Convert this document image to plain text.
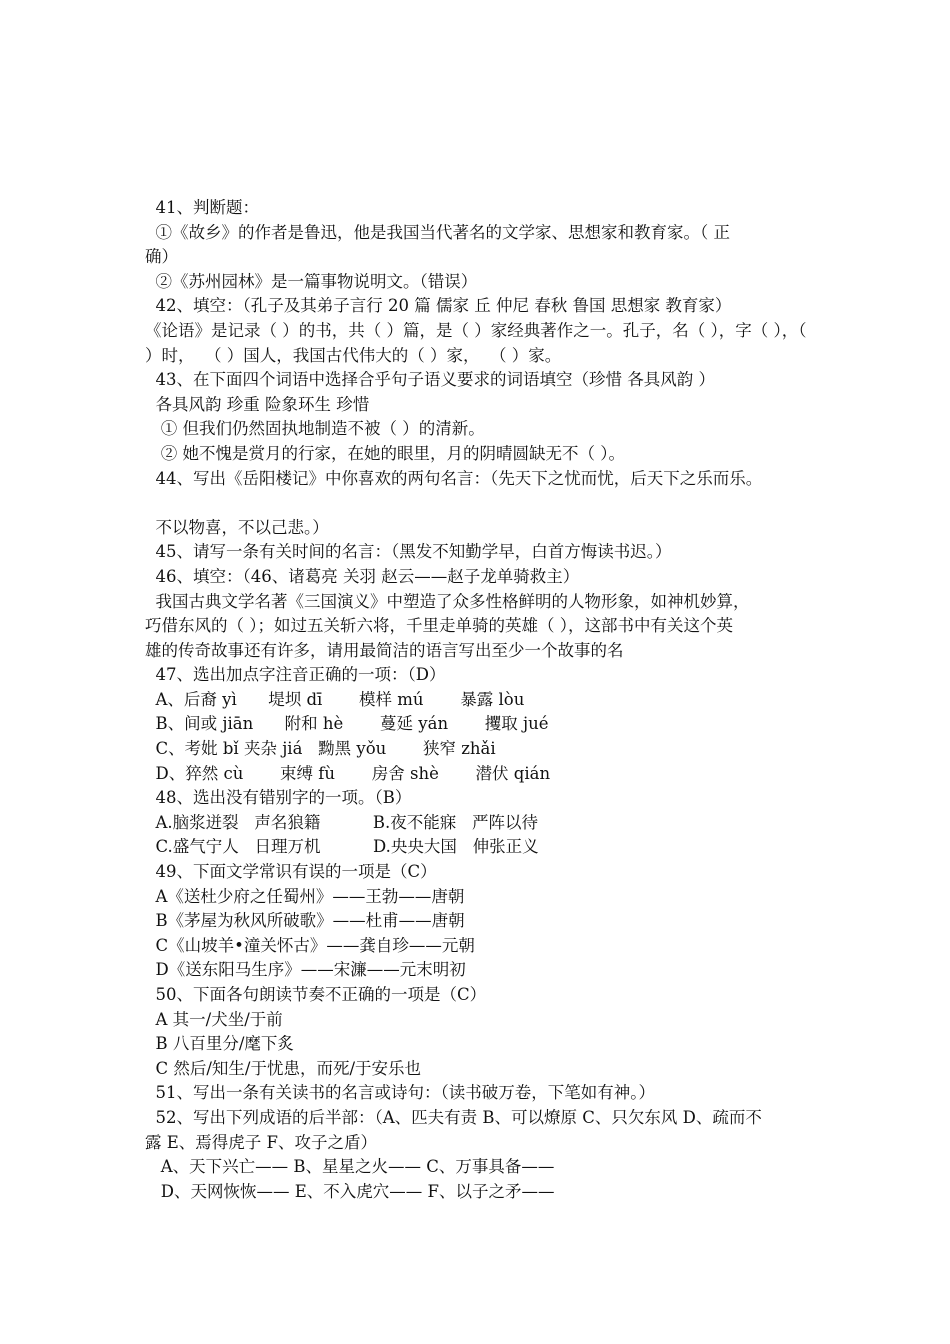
41、判断题：
①《故乡》的作者是鲁迅，他是我国当代著名的文学家、思想家和教育家。（ 正
确）
②《苏州园林》是一篇事物说明文。（错误）
42、填空：（孔子及其弟子言行 20 篇 儒家 丘 仲尼 春秋 鲁国 思想家 教育家）
《论语》是记录（ ）的书，共（ ）篇，是（ ）家经典著作之一。孔子，名（ ），字（ ），（
）时，  （ ）国人，我国古代伟大的（ ）家，  （ ）家。
43、在下面四个词语中选择合乎句子语义要求的词语填空（珍惜 各具风韵 ）
各具风韵 珍重 险象环生 珍惜
① 但我们仍然固执地制造不被（ ）的清新。
② 她不愧是赏月的行家，在她的眼里，月的阴晴圆缺无不（ ）。
44、写出《岳阳楼记》中你喜欢的两句名言：（先天下之忧而忧，后天下之乐而乐。
不以物喜，不以己悲。）
45、请写一条有关时间的名言：（黑发不知勤学早，白首方悔读书迟。）
46、填空：（46、诸葛亮 关羽 赵云——赵子龙单骑救主）
我国古典文学名著《三国演义》中塑造了众多性格鲜明的人物形象，如神机妙算，
巧借东风的（ ）；如过五关斩六将，千里走单骑的英雄（ ），这部书中有关这个英
雄的传奇故事还有许多，请用最简洁的语言写出至少一个故事的名
47、选出加点字注音正确的一项：（D）
A、后裔 yì      堤坝 dī       模样 mú       暴露 lòu
B、间或 jiān      附和 hè       蔓延 yán       攫取 jué
C、考妣 bǐ 夹杂 jiá   黝黑 yǒu       狭窄 zhǎi
D、猝然 cù       束缚 fù       房舍 shè       潜伏 qián
48、选出没有错别字的一项。（B）
A.脑浆迸裂   声名狼籍          B.夜不能寐   严阵以待
C.盛气宁人   日理万机          D.央央大国   伸张正义
49、下面文学常识有误的一项是（C）
A《送杜少府之任蜀州》——王勃——唐朝
B《茅屋为秋风所破歌》——杜甫——唐朝
C《山坡羊•潼关怀古》——龚自珍——元朝
D《送东阳马生序》——宋濂——元末明初
50、下面各句朗读节奏不正确的一项是（C）
A 其一/犬坐/于前
B 八百里分/麾下炙
C 然后/知生/于忧患，而死/于安乐也
51、写出一条有关读书的名言或诗句：（读书破万卷，下笔如有神。）
52、写出下列成语的后半部：（A、匹夫有责 B、可以燎原 C、只欠东风 D、疏而不
露 E、焉得虎子 F、攻子之盾）
A、天下兴亡—— B、星星之火—— C、万事具备——
D、天网恢恢—— E、不入虎穴—— F、以子之矛——
